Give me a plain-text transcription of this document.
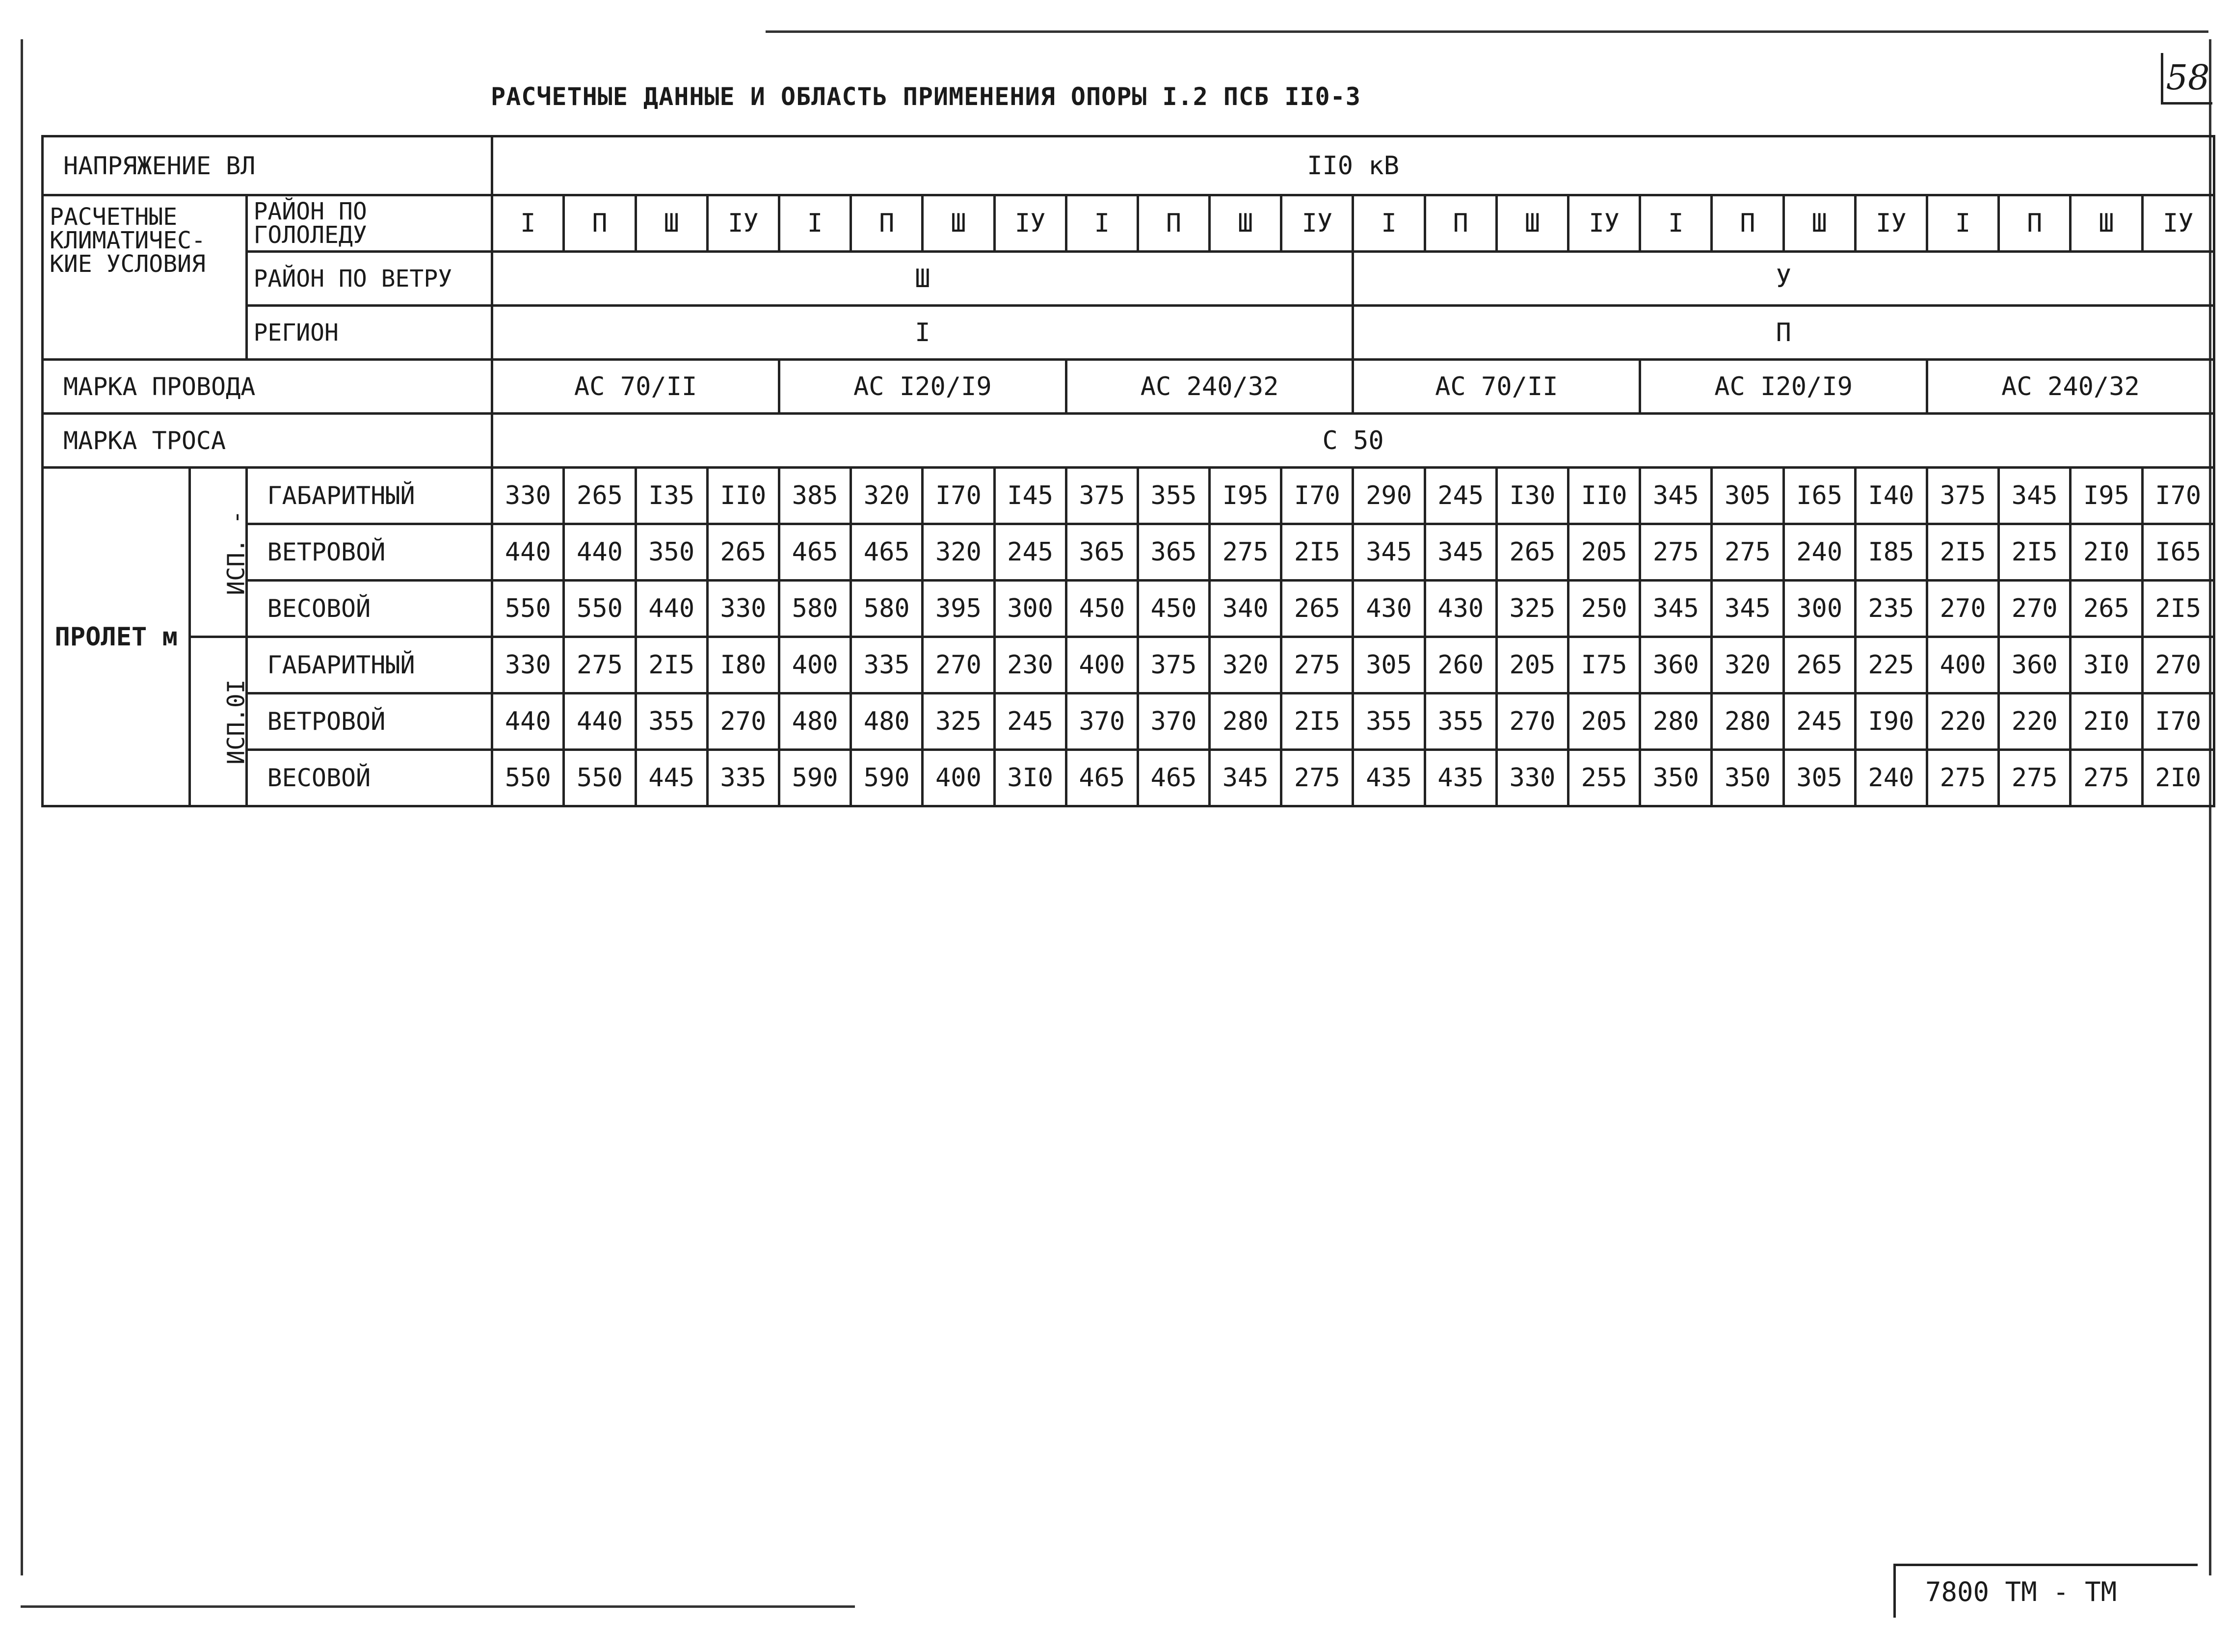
РАСЧЕТНЫЕ ДАННЫЕ И ОБЛАСТЬ ПРИМЕНЕНИЯ ОПОРЫ I.2 ПСБ II0-3	58
НАПРЯЖЕНИЕ ВЛ			II0 кВ																							
РАСЧЕТНЫЕ КЛИМАТИЧЕС-КИЕ УСЛОВИЯ		РАЙОН ПО ГОЛОЛЕДУ	I	П	Ш	IУ	I	П	Ш	IУ	I	П	Ш	IУ	I	П	Ш	IУ	I	П	Ш	IУ	I	П	Ш	IУ
		РАЙОН ПО ВЕТРУ	Ш												У											
		РЕГИОН	I												П											
МАРКА ПРОВОДА			АС 70/II				АС I20/I9				АС 240/32				АС 70/II				АС I20/I9				АС 240/32			
МАРКА ТРОСА			С 50																							
ПРОЛЕТ м	ИСП. -	ГАБАРИТНЫЙ	330	265	I35	II0	385	320	I70	I45	375	355	I95	I70	290	245	I30	II0	345	305	I65	I40	375	345	I95	I70
		ВЕТРОВОЙ	440	440	350	265	465	465	320	245	365	365	275	2I5	345	345	265	205	275	275	240	I85	2I5	2I5	2I0	I65
		ВЕСОВОЙ	550	550	440	330	580	580	395	300	450	450	340	265	430	430	325	250	345	345	300	235	270	270	265	2I5
	ИСП.0I	ГАБАРИТНЫЙ	330	275	2I5	I80	400	335	270	230	400	375	320	275	305	260	205	I75	360	320	265	225	400	360	3I0	270
		ВЕТРОВОЙ	440	440	355	270	480	480	325	245	370	370	280	2I5	355	355	270	205	280	280	245	I90	220	220	2I0	I70
		ВЕСОВОЙ	550	550	445	335	590	590	400	3I0	465	465	345	275	435	435	330	255	350	350	305	240	275	275	275	2I0
7800 ТМ - ТМ
